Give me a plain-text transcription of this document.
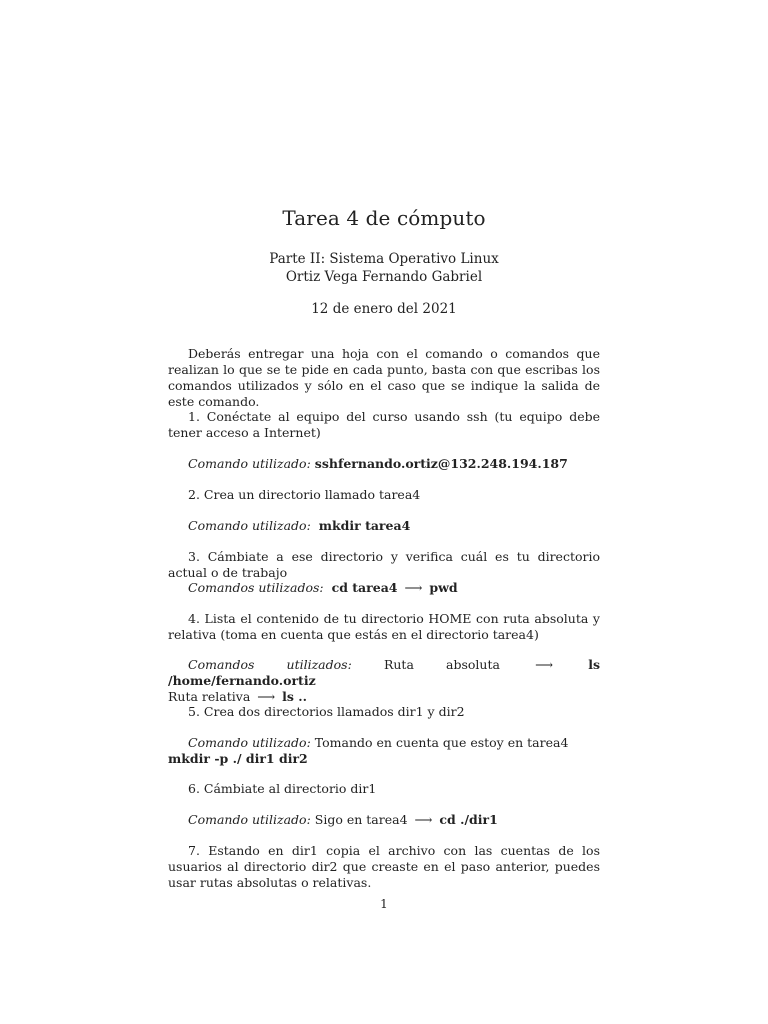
Tarea 4 de cómputo
Parte II: Sistema Operativo Linux
Ortiz Vega Fernando Gabriel
12 de enero del 2021
Deberás entregar una hoja con el comando o comandos que realizan lo que se te pide en cada punto, basta con que escribas los comandos utilizados y sólo en el caso que se indique la salida de este comando.
1. Conéctate al equipo del curso usando ssh (tu equipo debe tener acceso a Internet)
Comando utilizado: sshfernando.ortiz@132.248.194.187
2. Crea un directorio llamado tarea4
Comando utilizado: mkdir tarea4
3. Cámbiate a ese directorio y verifica cuál es tu directorio actual o de trabajo
Comandos utilizados: cd tarea4 ⟶ pwd
4. Lista el contenido de tu directorio HOME con ruta absoluta y relativa (toma en cuenta que estás en el directorio tarea4)
Comandos utilizados:	Ruta absoluta	⟶	ls /home/fernando.ortiz
Ruta relativa ⟶ ls ..
5. Crea dos directorios llamados dir1 y dir2
Comando utilizado: Tomando en cuenta que estoy en tarea4
mkdir -p ./ dir1 dir2
6. Cámbiate al directorio dir1
Comando utilizado: Sigo en tarea4 ⟶ cd ./dir1
7. Estando en dir1 copia el archivo con las cuentas de los usuarios al directorio dir2 que creaste en el paso anterior, puedes usar rutas absolutas o relativas.
1
